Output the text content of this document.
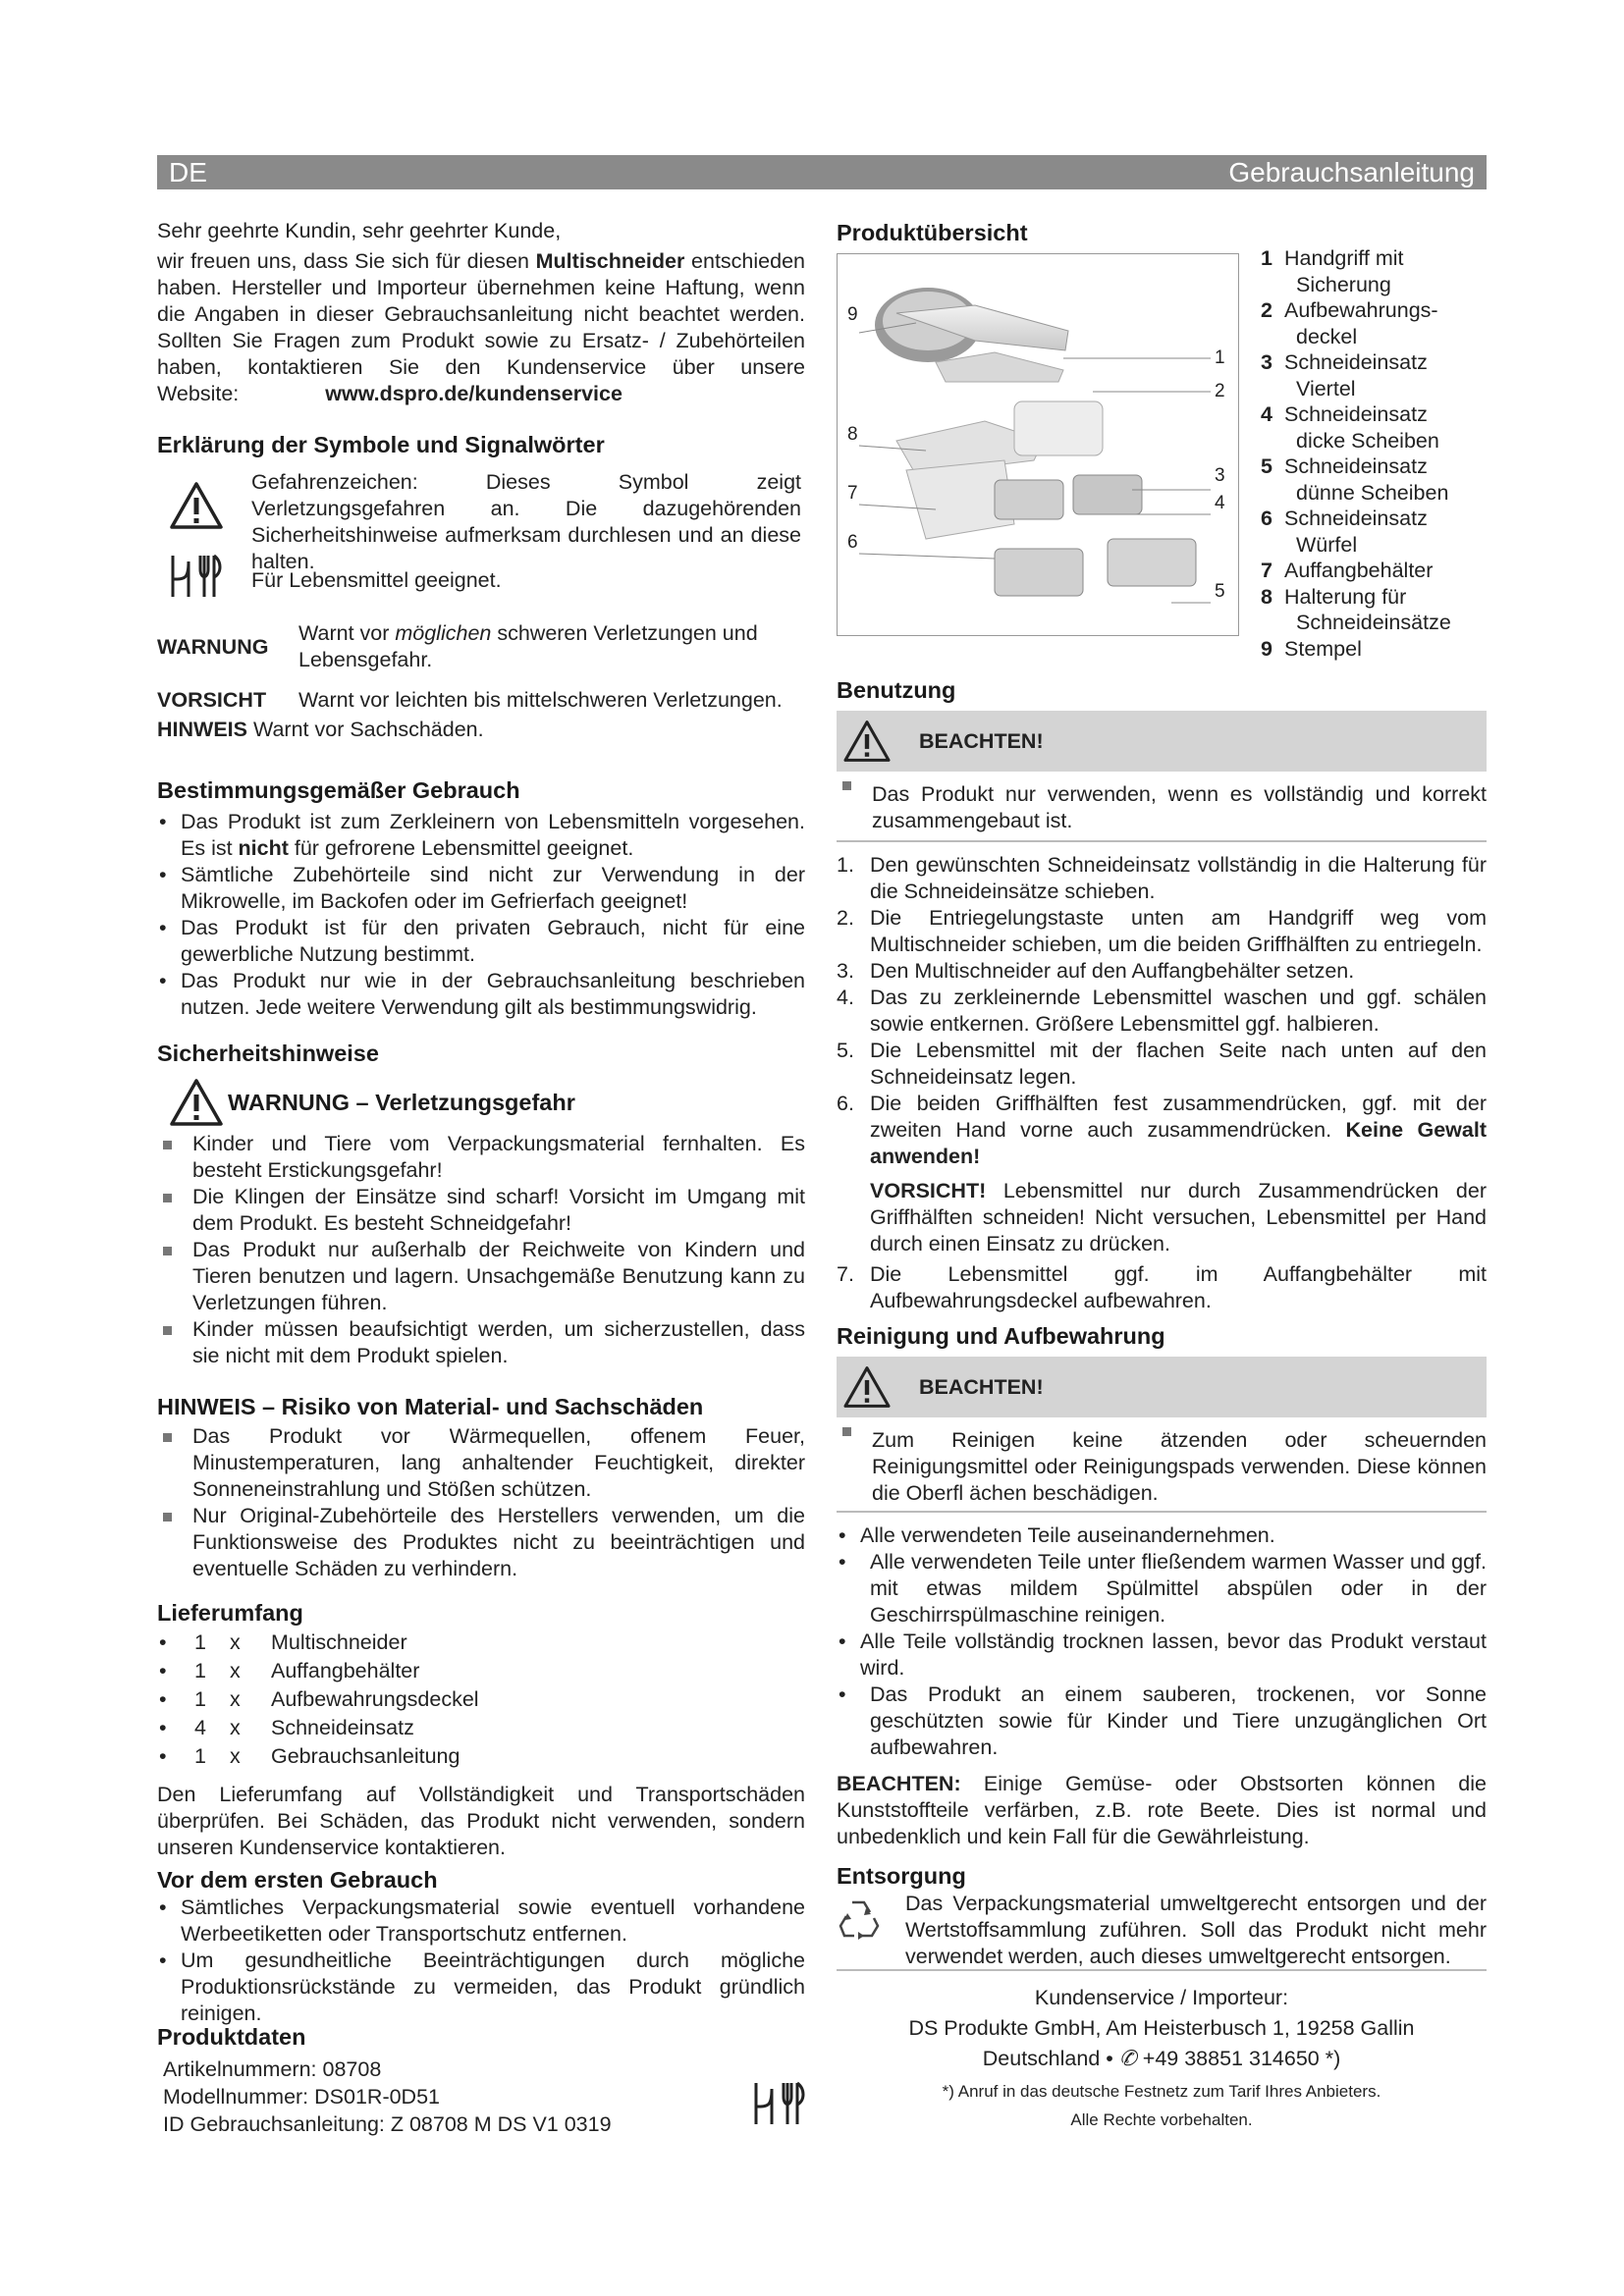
DE	Gebrauchsanleitung
Sehr geehrte Kundin, sehr geehrter Kunde,
wir freuen uns, dass Sie sich für diesen Multischneider entschieden haben. Hersteller und Importeur übernehmen keine Haftung, wenn die Angaben in dieser Gebrauchsanleitung nicht beachtet werden. Sollten Sie Fragen zum Produkt sowie zu Ersatz- / Zubehörteilen haben, kontaktieren Sie den Kundenservice über unsere Website:	www.dspro.de/kundenservice
Erklärung der Symbole und Signalwörter
Gefahrenzeichen: Dieses Symbol zeigt Verletzungsgefahren an. Die dazugehörenden Sicherheitshinweise aufmerksam durchlesen und an diese halten.
Für Lebensmittel geeignet.
WARNUNG
Warnt vor möglichen schweren Verletzungen und Lebensgefahr.
VORSICHT Warnt vor leichten bis mittelschweren Verletzungen.
HINWEIS Warnt vor Sachschäden.
Bestimmungsgemäßer Gebrauch
• Das Produkt ist zum Zerkleinern von Lebensmitteln vorgesehen. Es ist nicht für gefrorene Lebensmittel geeignet.
• Sämtliche Zubehörteile sind nicht zur Verwendung in der Mikrowelle, im Backofen oder im Gefrierfach geeignet!
• Das Produkt ist für den privaten Gebrauch, nicht für eine gewerbliche Nutzung bestimmt.
• Das Produkt nur wie in der Gebrauchsanleitung beschrieben nutzen. Jede weitere Verwendung gilt als bestimmungswidrig.
Sicherheitshinweise
WARNUNG – Verletzungsgefahr
Kinder und Tiere vom Verpackungsmaterial fernhalten. Es besteht Erstickungsgefahr!
Die Klingen der Einsätze sind scharf! Vorsicht im Umgang mit dem Produkt. Es besteht Schneidgefahr!
Das Produkt nur außerhalb der Reichweite von Kindern und Tieren benutzen und lagern. Unsachgemäße Benutzung kann zu Verletzungen führen.
Kinder müssen beaufsichtigt werden, um sicherzustellen, dass sie nicht mit dem Produkt spielen.
HINWEIS – Risiko von Material- und Sachschäden
Das Produkt vor Wärmequellen, offenem Feuer, Minustemperaturen, lang anhaltender Feuchtigkeit, direkter Sonneneinstrahlung und Stößen schützen.
Nur Original-Zubehörteile des Herstellers verwenden, um die Funktionsweise des Produktes nicht zu beeinträchtigen und eventuelle Schäden zu verhindern.
Lieferumfang
• 1 x Multischneider
• 1 x Auffangbehälter
• 1 x Aufbewahrungsdeckel
• 4 x Schneideinsatz
• 1 x Gebrauchsanleitung
Den Lieferumfang auf Vollständigkeit und Transportschäden überprüfen. Bei Schäden, das Produkt nicht verwenden, sondern unseren Kundenservice kontaktieren.
Vor dem ersten Gebrauch
• Sämtliches Verpackungsmaterial sowie eventuell vorhandene Werbeetiketten oder Transportschutz entfernen.
• Um gesundheitliche Beeinträchtigungen durch mögliche Produktionsrückstände zu vermeiden, das Produkt gründlich reinigen.
Produktdaten
Artikelnummern: 08708
Modellnummer: DS01R-0D51
ID Gebrauchsanleitung: Z 08708 M DS V1 0319
Produktübersicht
9
1
2
8
3
7	4
6
5
Benutzung
BEACHTEN!
Das Produkt nur verwenden, wenn es vollständig und korrekt zusammengebaut ist.
1. Den gewünschten Schneideinsatz vollständig in die Halterung für die Schneideinsätze schieben.
2. Die Entriegelungstaste unten am Handgriff weg vom Multischneider schieben, um die beiden Griffhälften zu entriegeln.
3. Den Multischneider auf den Auffangbehälter setzen.
4. Das zu zerkleinernde Lebensmittel waschen und ggf. schälen sowie entkernen. Größere Lebensmittel ggf. halbieren.
5. Die Lebensmittel mit der flachen Seite nach unten auf den Schneideinsatz legen.
6. Die beiden Griffhälften fest zusammendrücken, ggf. mit der zweiten Hand vorne auch zusammendrücken. Keine Gewalt anwenden!
VORSICHT! Lebensmittel nur durch Zusammendrücken der Griffhälften schneiden! Nicht versuchen, Lebensmittel per Hand durch einen Einsatz zu drücken.
7. Die Lebensmittel ggf. im Auffangbehälter mit Aufbewahrungsdeckel aufbewahren.
Reinigung und Aufbewahrung
BEACHTEN!
Zum Reinigen keine ätzenden oder scheuernden Reinigungsmittel oder Reinigungspads verwenden. Diese können die Oberfl ächen beschädigen.
• Alle verwendeten Teile auseinandernehmen.
• Alle verwendeten Teile unter fließendem warmen Wasser und ggf. mit etwas mildem Spülmittel abspülen oder in der Geschirrspülmaschine reinigen.
• Alle Teile vollständig trocknen lassen, bevor das Produkt verstaut wird.
• Das Produkt an einem sauberen, trockenen, vor Sonne geschützten sowie für Kinder und Tiere unzugänglichen Ort aufbewahren.
BEACHTEN: Einige Gemüse- oder Obstsorten können die Kunststoffteile verfärben, z.B. rote Beete. Dies ist normal und unbedenklich und kein Fall für die Gewährleistung.
Entsorgung
Das Verpackungsmaterial umweltgerecht entsorgen und der Wertstoffsammlung zuführen. Soll das Produkt nicht mehr verwendet werden, auch dieses umweltgerecht entsorgen.
Kundenservice / Importeur:
DS Produkte GmbH, Am Heisterbusch 1, 19258 Gallin
Deutschland • ✆ +49 38851 314650 *)
*) Anruf in das deutsche Festnetz zum Tarif Ihres Anbieters.
Alle Rechte vorbehalten.
1 Handgriff mit
Sicherung
2 Aufbewahrungs-
deckel
3 Schneideinsatz
Viertel
4 Schneideinsatz
dicke Scheiben
5 Schneideinsatz
dünne Scheiben
6 Schneideinsatz
Würfel
7 Auffangbehälter
8 Halterung für
Schneideinsätze
9 Stempel
